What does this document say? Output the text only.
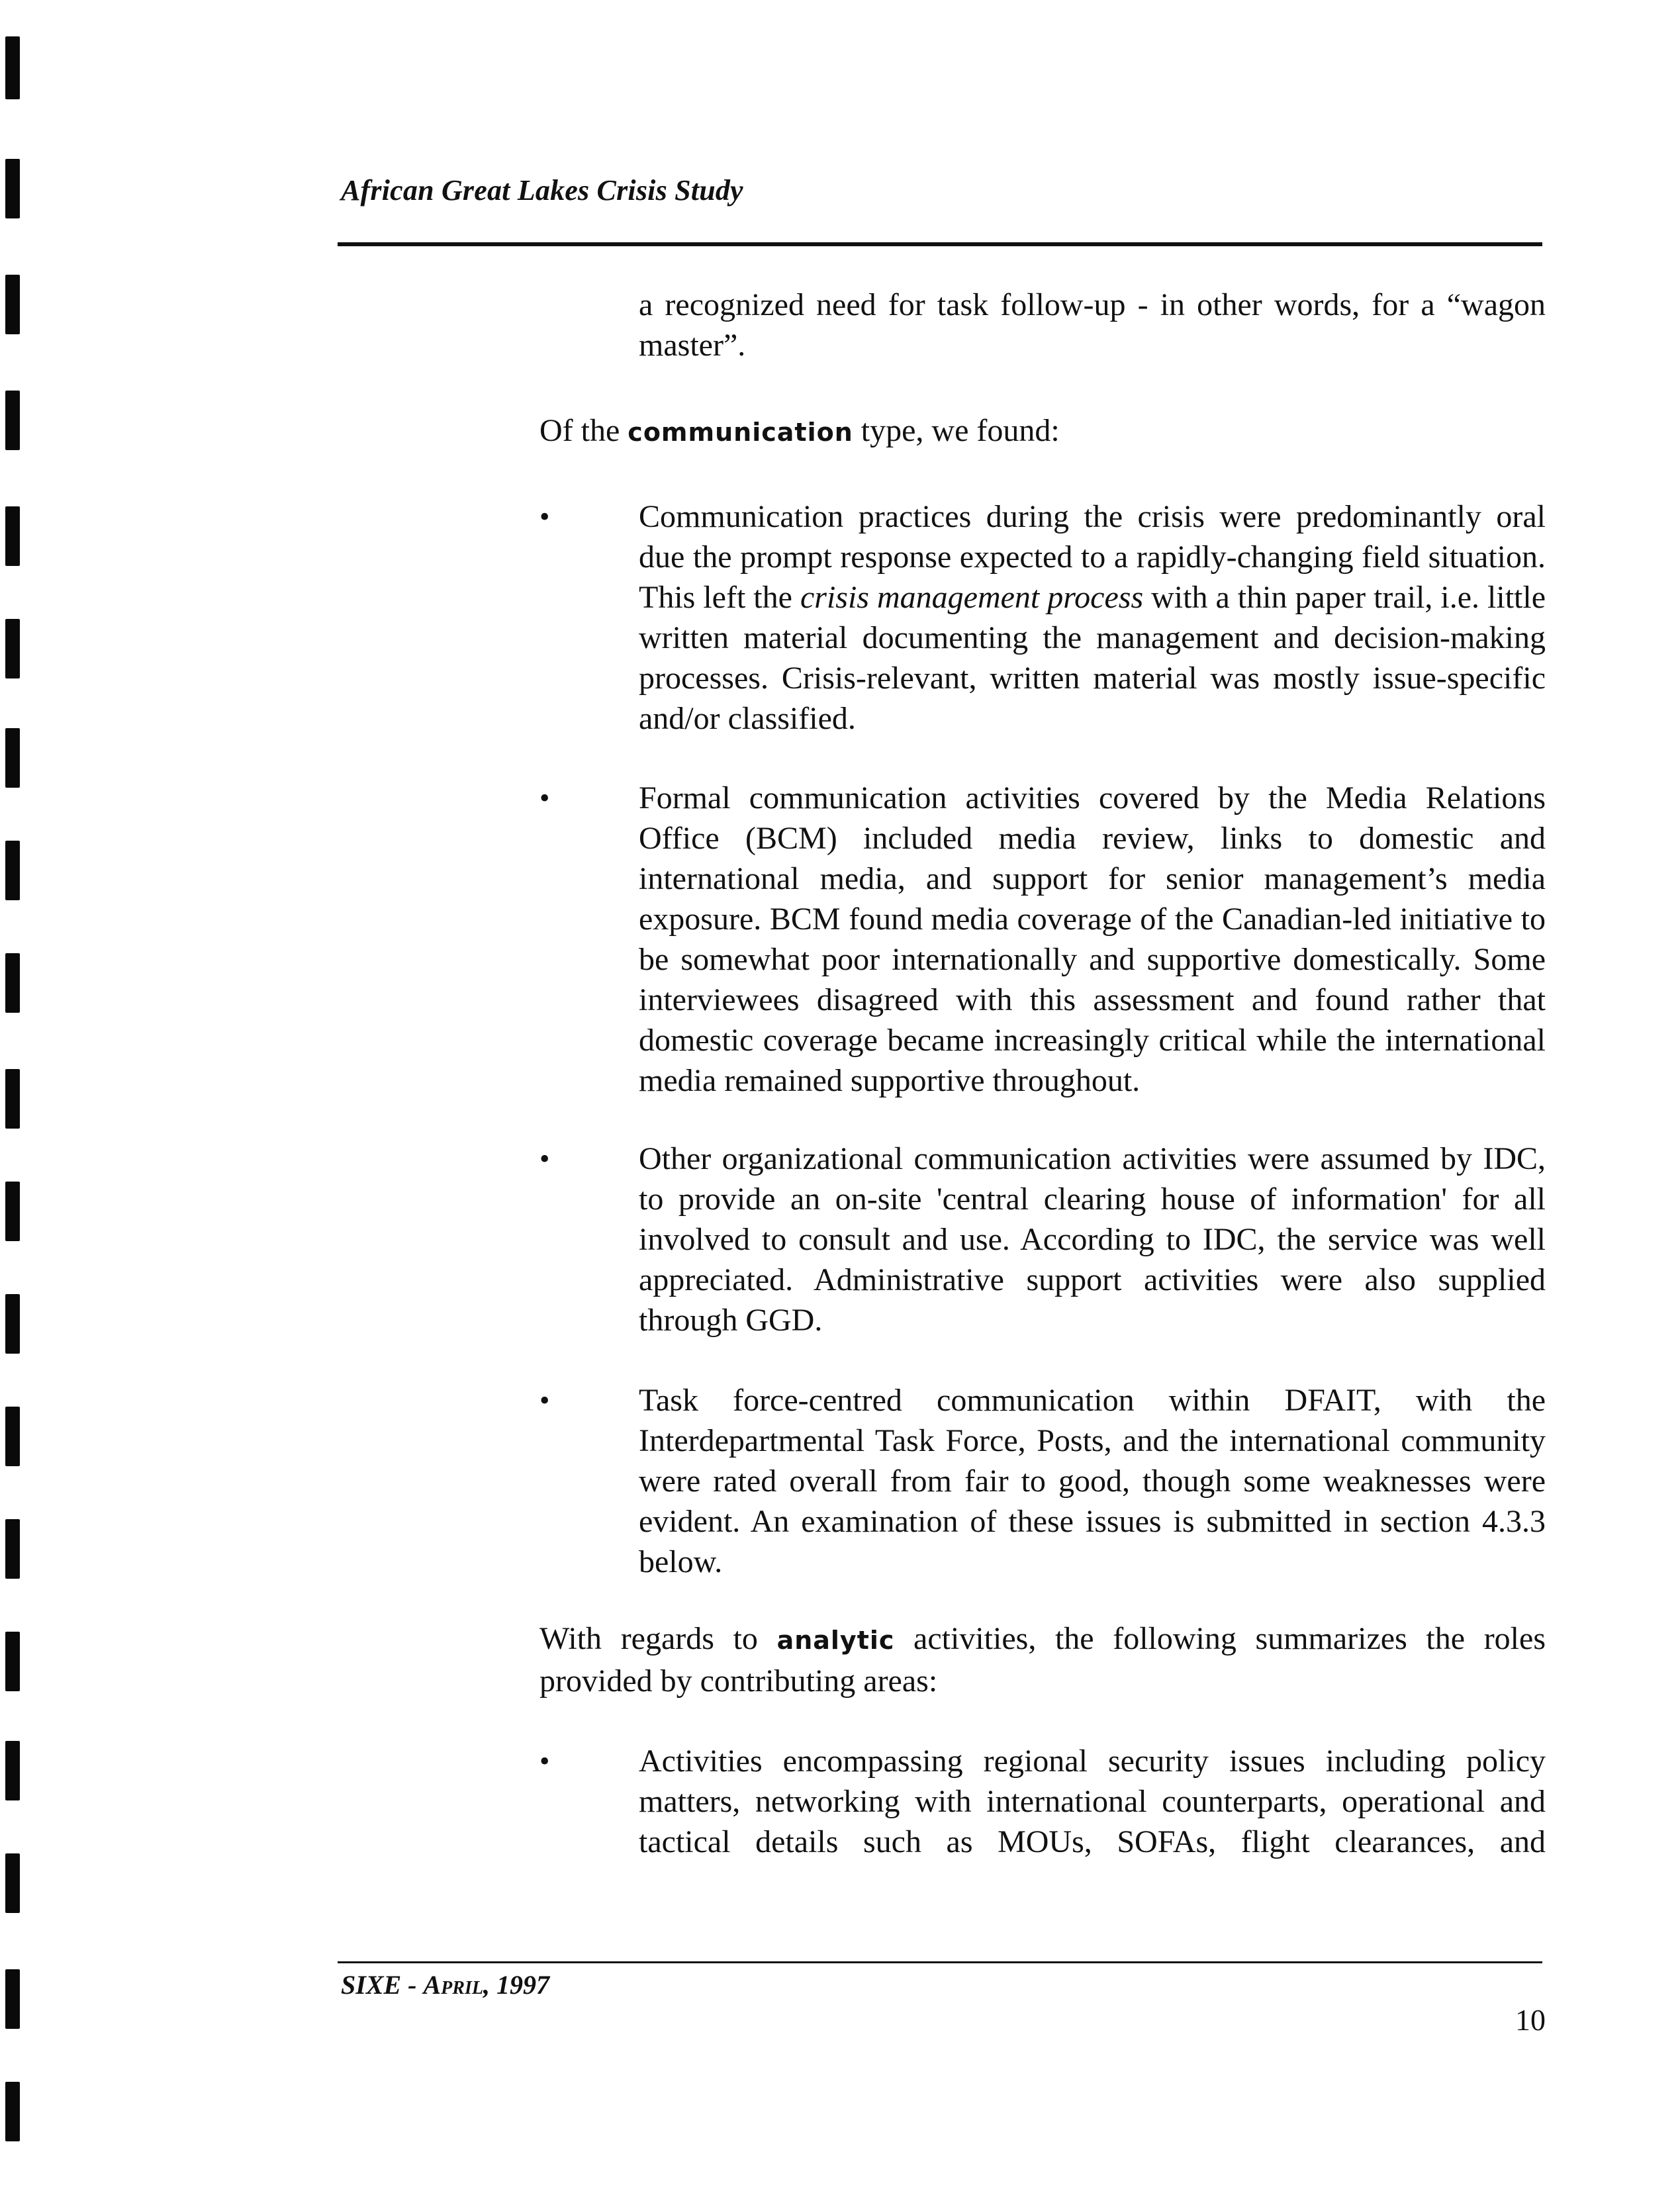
African Great Lakes Crisis Study
a recognized need for task follow-up - in other words, for a “wagon master”.
Of the communication type, we found:
•	Communication practices during the crisis were predominantly oral due the prompt response expected to a rapidly-changing field situation. This left the crisis management process with a thin paper trail, i.e. little written material documenting the management and decision-making processes. Crisis-relevant, written material was mostly issue-specific and/or classified.
•	Formal communication activities covered by the Media Relations Office (BCM) included media review, links to domestic and international media, and support for senior management’s media exposure. BCM found media coverage of the Canadian-led initiative to be somewhat poor internationally and supportive domestically. Some interviewees disagreed with this assessment and found rather that domestic coverage became increasingly critical while the international media remained supportive throughout.
•	Other organizational communication activities were assumed by IDC, to provide an on-site 'central clearing house of information' for all involved to consult and use. According to IDC, the service was well appreciated. Administrative support activities were also supplied through GGD.
•	Task force-centred communication within DFAIT, with the Interdepartmental Task Force, Posts, and the international community were rated overall from fair to good, though some weaknesses were evident. An examination of these issues is submitted in section 4.3.3 below.
With regards to analytic activities, the following summarizes the roles provided by contributing areas:
•	Activities encompassing regional security issues including policy matters, networking with international counterparts, operational and tactical details such as MOUs, SOFAs, flight clearances, and
SIXE - April, 1997
10
